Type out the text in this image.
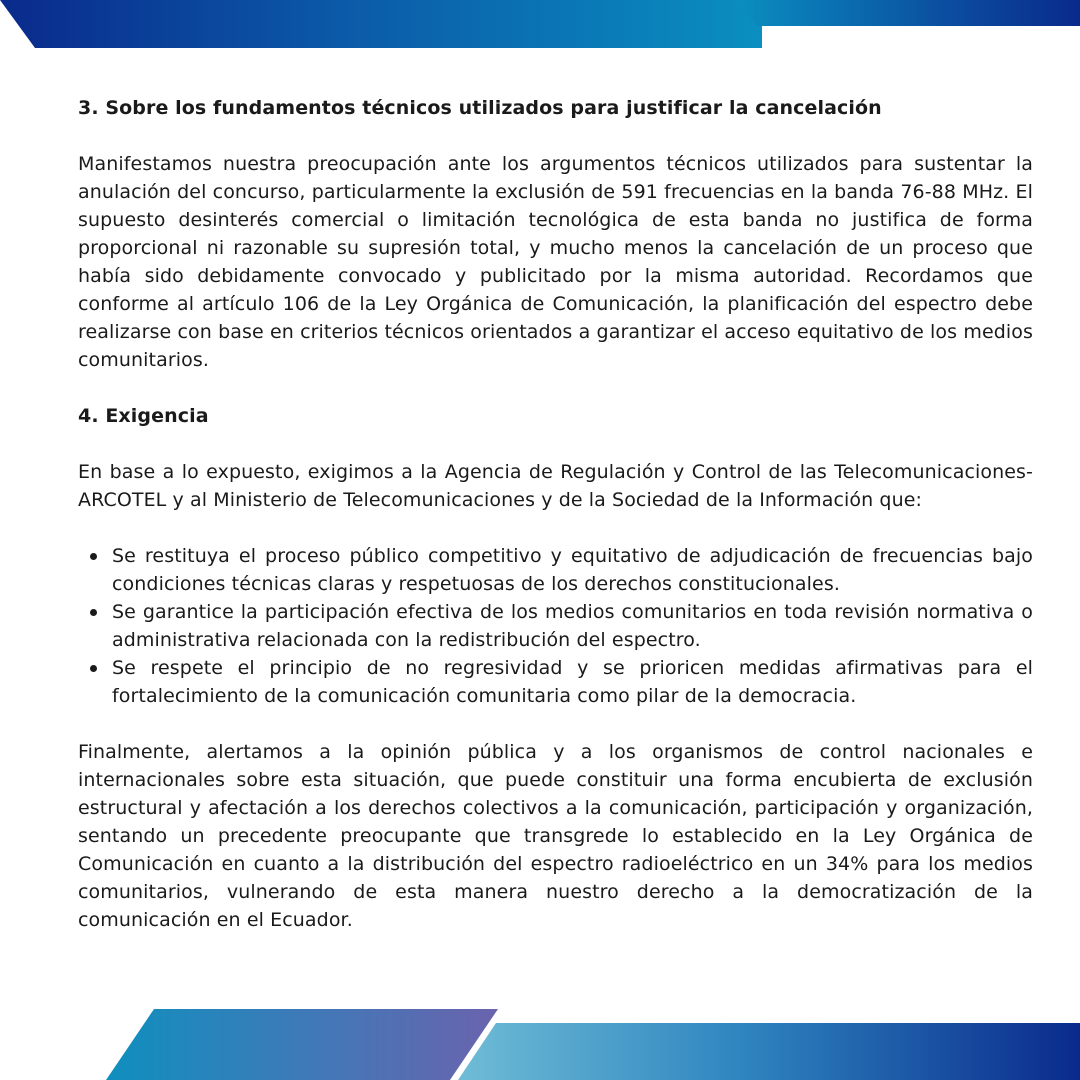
3. Sobre los fundamentos técnicos utilizados para justificar la cancelación

Manifestamos nuestra preocupación ante los argumentos técnicos utilizados para sustentar la anulación del concurso, particularmente la exclusión de 591 frecuencias en la banda 76-88 MHz. El supuesto desinterés comercial o limitación tecnológica de esta banda no justifica de forma proporcional ni razonable su supresión total, y mucho menos la cancelación de un proceso que había sido debidamente convocado y publicitado por la misma autoridad. Recordamos que conforme al artículo 106 de la Ley Orgánica de Comunicación, la planificación del espectro debe realizarse con base en criterios técnicos orientados a garantizar el acceso equitativo de los medios comunitarios.

4. Exigencia

En base a lo expuesto, exigimos a la Agencia de Regulación y Control de las Telecomunicaciones- ARCOTEL y al Ministerio de Telecomunicaciones y de la Sociedad de la Información que:

Se restituya el proceso público competitivo y equitativo de adjudicación de frecuencias bajo condiciones técnicas claras y respetuosas de los derechos constitucionales.
Se garantice la participación efectiva de los medios comunitarios en toda revisión normativa o administrativa relacionada con la redistribución del espectro.
Se respete el principio de no regresividad y se prioricen medidas afirmativas para el fortalecimiento de la comunicación comunitaria como pilar de la democracia.

Finalmente, alertamos a la opinión pública y a los organismos de control nacionales e internacionales sobre esta situación, que puede constituir una forma encubierta de exclusión estructural y afectación a los derechos colectivos a la comunicación, participación y organización, sentando un precedente preocupante que transgrede lo establecido en la Ley Orgánica de Comunicación en cuanto a la distribución del espectro radioeléctrico en un 34% para los medios comunitarios, vulnerando de esta manera nuestro derecho a la democratización de la comunicación en el Ecuador.
